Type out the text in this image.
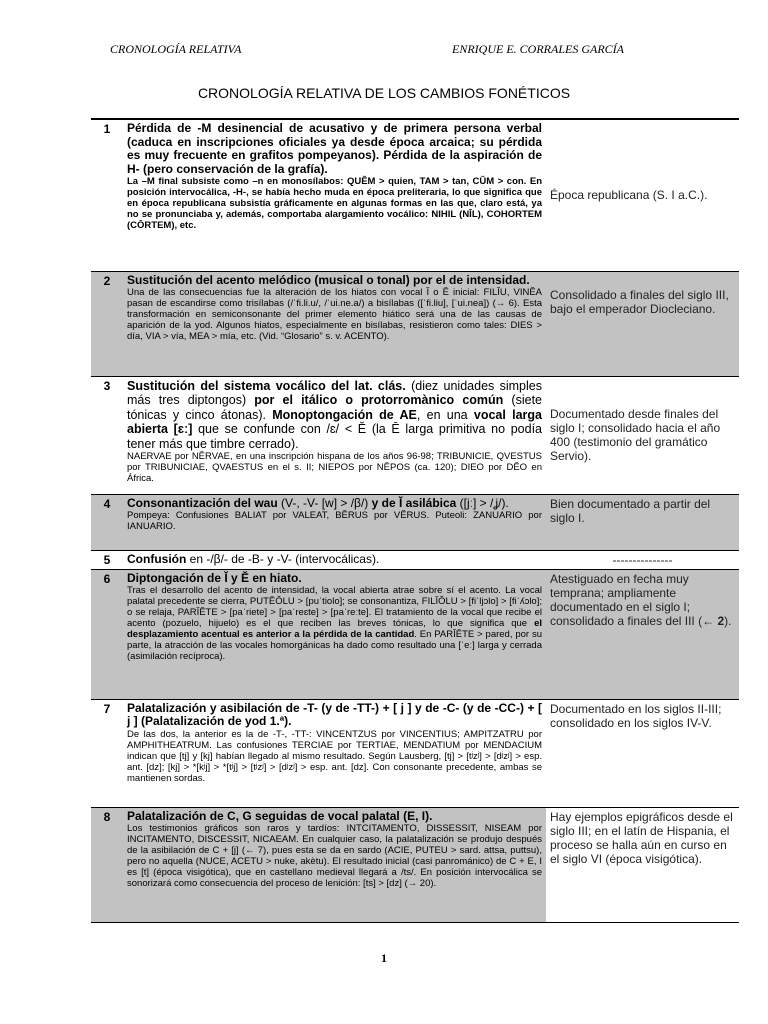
CRONOLOGÍA RELATIVA	ENRIQUE E. CORRALES GARCÍA
CRONOLOGÍA RELATIVA DE LOS CAMBIOS FONÉTICOS
1	Pérdida de -M desinencial de acusativo y de primera persona verbal (caduca en inscripciones oficiales ya desde época arcaica; su pérdida es muy frecuente en grafitos pompeyanos). Pérdida de la aspiración de H- (pero conservación de la grafía).
La –M final subsiste como –n en monosílabos: QUĔM > quien, TAM > tan, CŬM > con. En posición intervocálica, -H-, se había hecho muda en época preliteraria, lo que significa que en época republicana subsistía gráficamente en algunas formas en las que, claro está, ya no se pronunciaba y, además, comportaba alargamiento vocálico: NIHIL (NĪL), COHORTEM (CŌRTEM), etc.	Época republicana (S. I a.C.).

2	Sustitución del acento melódico (musical o tonal) por el de intensidad.
Una de las consecuencias fue la alteración de los hiatos con vocal Ĭ o Ĕ inicial: FILĬU, VINĔA pasan de escandirse como trisílabas (/ˈfi.li.u/, /ˈui.ne.a/) a bisílabas ([ˈfi.liu], [ˈui.nea]) (→ 6). Esta transformación en semiconsonante del primer elemento hiático será una de las causas de aparición de la yod. Algunos hiatos, especialmente en bisílabas, resistieron como tales: DIES > día, VIA > vía, MEA > mía, etc. (Vid. “Glosario” s. v. ACENTO).	Consolidado a finales del siglo III, bajo el emperador Diocleciano.

3	Sustitución del sistema vocálico del lat. clás. (diez unidades simples más tres diptongos) por el itálico o protorromànico común (siete tónicas y cinco átonas). Monoptongación de AE, en una vocal larga abierta [ɛː] que se confunde con /ɛ/ < Ĕ (la Ē larga primitiva no podía tener más que timbre cerrado).
NAERVAE por NĔRVAE, en una inscripción hispana de los años 96-98; TRIBUNICIE, QVESTUS por TRIBUNICIAE, QVAESTUS en el s. II; NIEPOS por NĔPOS (ca. 120); DIEO por DĔO en África.	Documentado desde finales del siglo I; consolidado hacia el año 400 (testimonio del gramático Servio).

4	Consonantización del wau (V-, -V- [w] > /β/) y de Ĭ asilábica ([jː] > /ʝ/).
Pompeya: Confusiones BALIAT por VALEAT, BĔRUS por VĔRUS. Puteoli: ZANUARIO por IANUARIO.	Bien documentado a partir del siglo I.

5	Confusión en -/β/- de -B- y -V- (intervocálicas).	---------------

6	Diptongación de Ĭ y Ĕ en hiato.
Tras el desarrollo del acento de intensidad, la vocal abierta atrae sobre sí el acento. La vocal palatal precedente se cierra, PUTĔŎLU > [puˈtiolo]; se consonantiza, FILĬŎLU > [fiˈljɔlo] > [fiˈʎɔlo]; o se relaja, PARĬĔTE > [paˈriete] > [paˈreɛte] > [paˈreːte]. El tratamiento de la vocal que recibe el acento (pozuelo, hijuelo) es el que reciben las breves tónicas, lo que significa que el desplazamiento acentual es anterior a la pérdida de la cantidad. En PARĬĔTE > pared, por su parte, la atracción de las vocales homorgánicas ha dado como resultado una [ˈeː] larga y cerrada (asimilación recíproca).	Atestiguado en fecha muy temprana; ampliamente documentado en el siglo I; consolidado a finales del III (← 2).

7	Palatalización y asibilación de -T- (y de -TT-) + [ j ] y de -C- (y de -CC-) + [ j ] (Palatalización de yod 1.ª).
De las dos, la anterior es la de -T-, -TT-: VINCENTZUS por VINCENTIUS; AMPITZATRU por AMPHITHEATRUM. Las confusiones TERCIAE por TERTIAE, MENDATIUM por MENDACIUM indican que [tj] y [kj] habían llegado al mismo resultado. Según Lausberg, [tj] > [tʲzʲ] > [dʲzʲ] > esp. ant. [dz]; [kj] > *[kʲj] > *[tʲj] > [tʲzʲ] > [dʲzʲ] > esp. ant. [dz]. Con consonante precedente, ambas se mantienen sordas.	Documentado en los siglos II-III; consolidado en los siglos IV-V.

8	Palatalización de C, G seguidas de vocal palatal (E, I).
Los testimonios gráficos son raros y tardíos: INTCITAMENTO, DISSESSIT, NISEAM por INCITAMENTO, DISCESSIT, NICAEAM. En cualquier caso, la palatalización se produjo después de la asibilación de C + [j] (← 7), pues esta se da en sardo (ACIE, PUTEU > sard. attsa, puttsu), pero no aquella (NUCE, ACETU > nuke, akètu). El resultado inicial (casi panrománico) de C + E, I es [t] (época visigótica), que en castellano medieval llegará a /ts/. En posición intervocálica se sonorizará como consecuencia del proceso de lenición: [ts] > [dz] (→ 20).	Hay ejemplos epigráficos desde el siglo III; en el latín de Hispania, el proceso se halla aún en curso en el siglo VI (época visigótica).
1
